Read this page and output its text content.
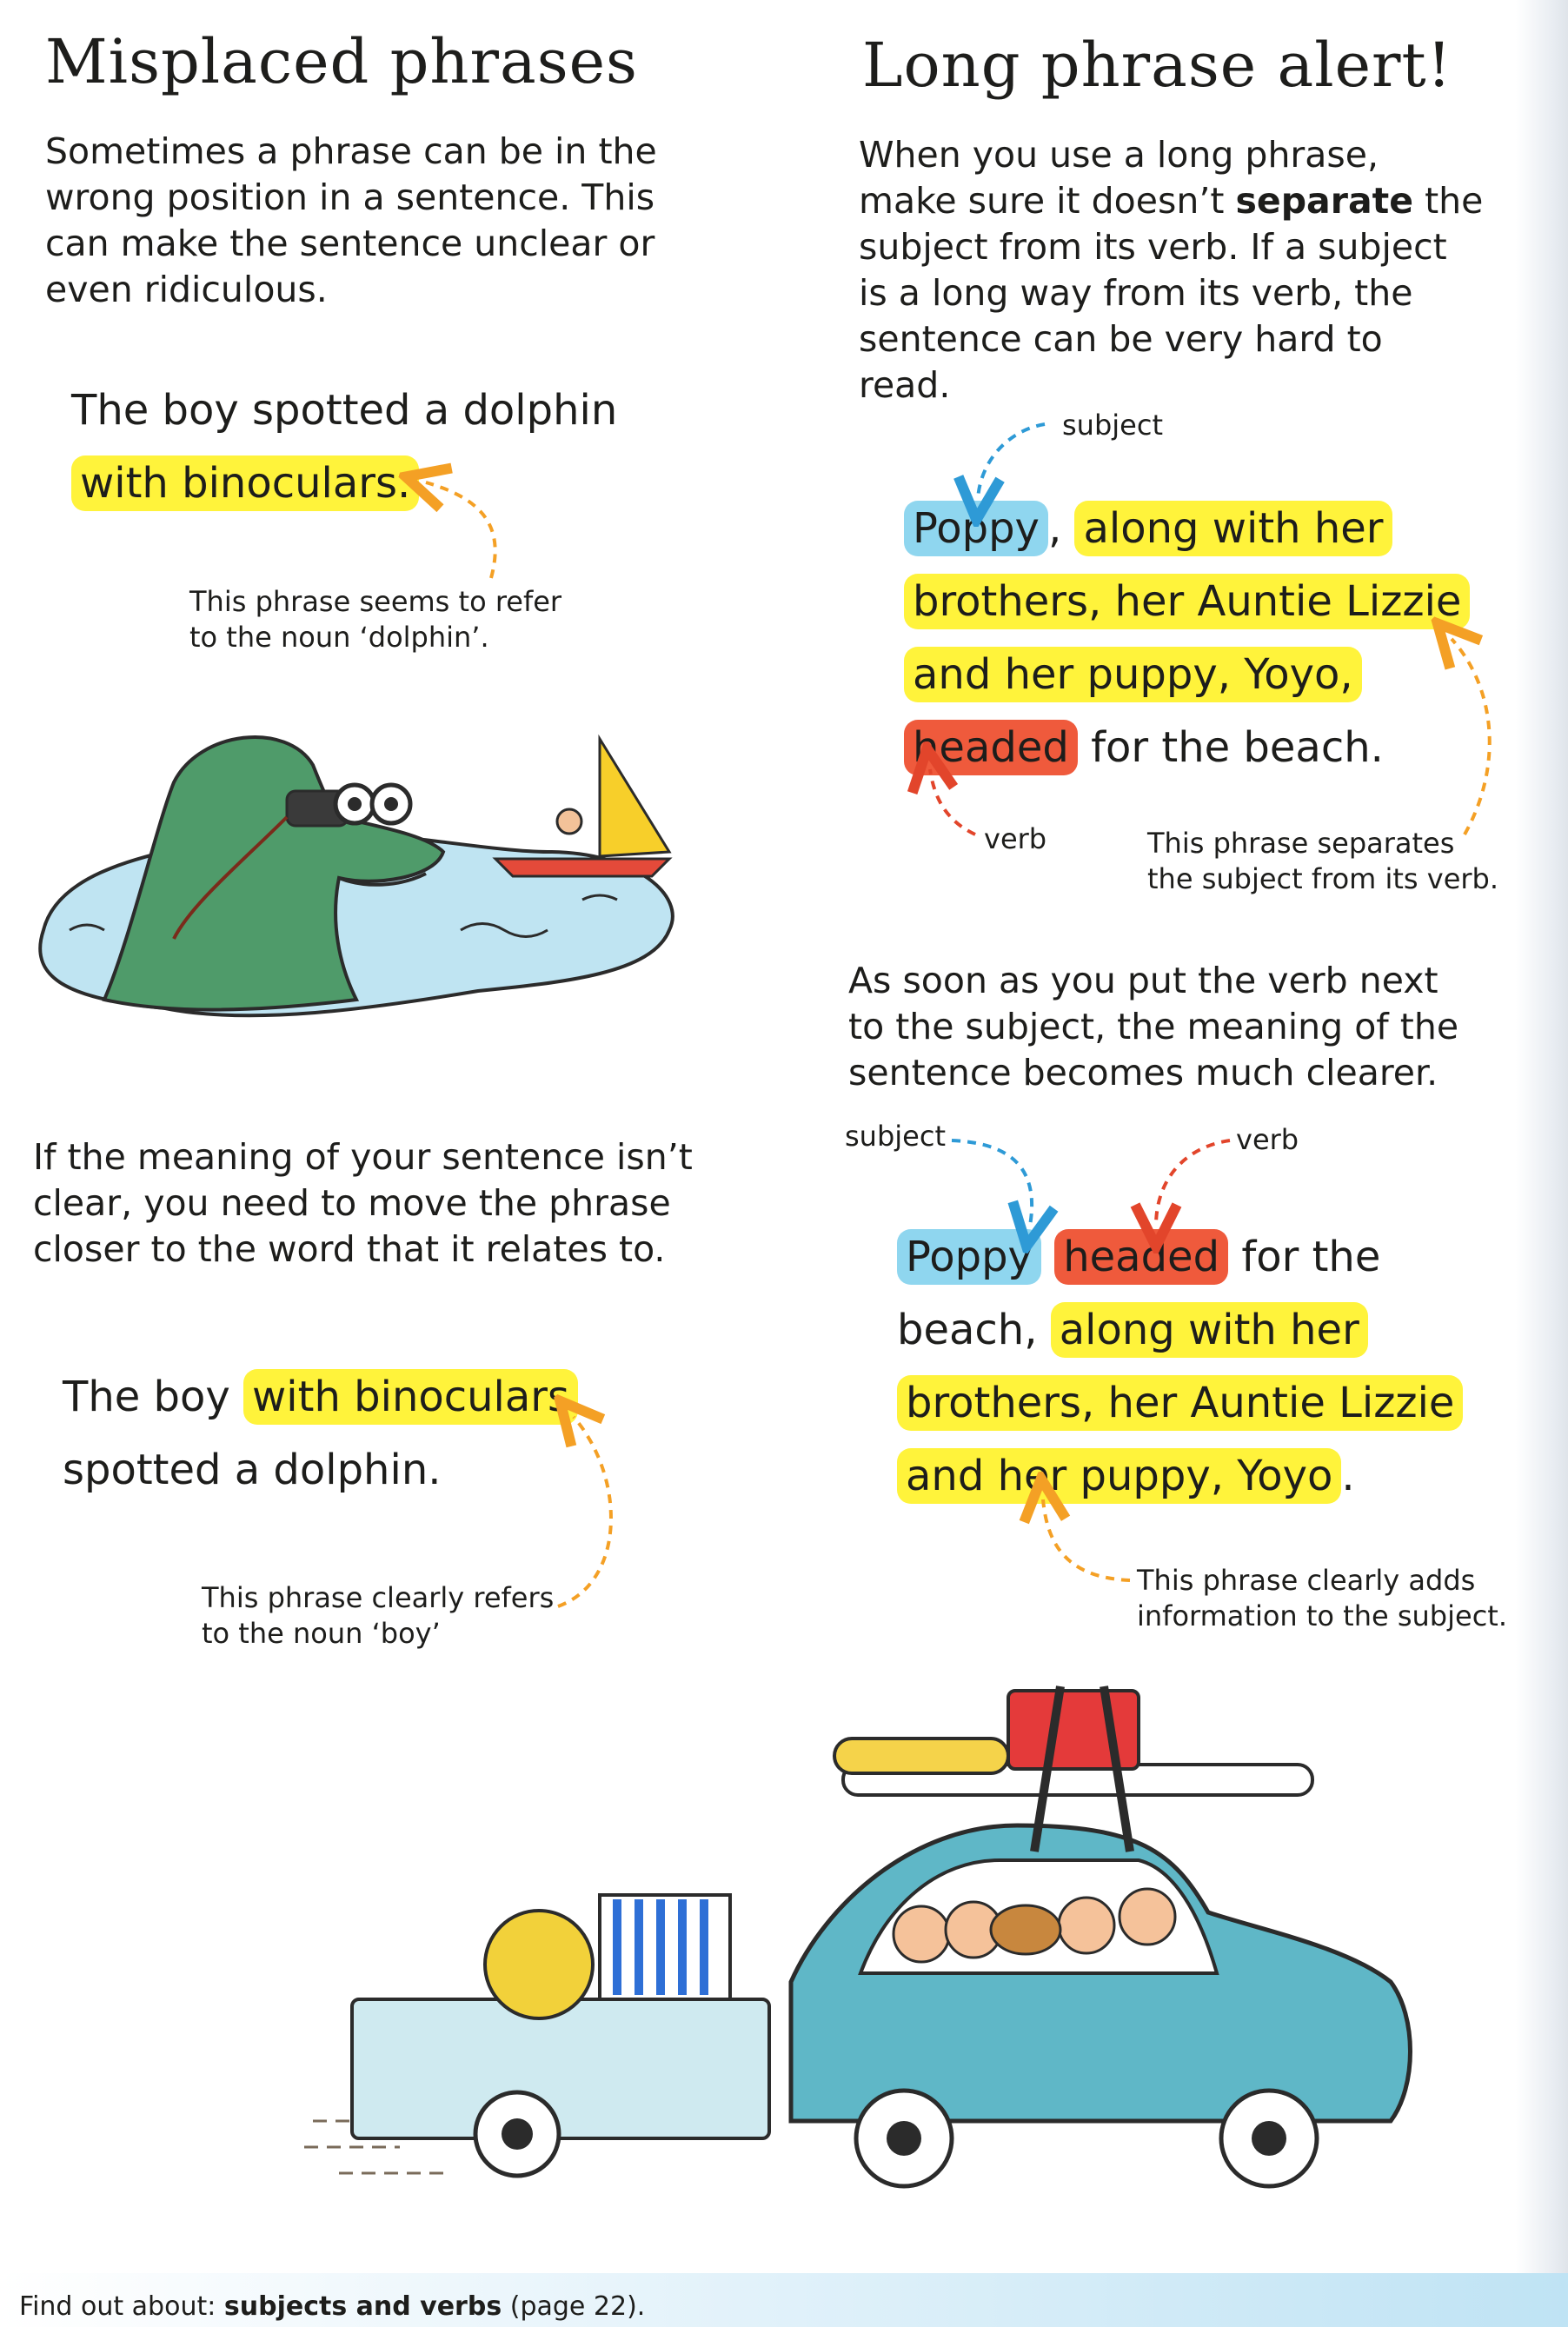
Misplaced phrases
Sometimes a phrase can be in the wrong position in a sentence. This can make the sentence unclear or even ridiculous.
The boy spotted a dolphin
with binoculars.
This phrase seems to refer
to the noun ‘dolphin’.
If the meaning of your sentence isn’t clear, you need to move the phrase closer to the word that it relates to.
The boy with binoculars
spotted a dolphin.
This phrase clearly refers
to the noun ‘boy’
Long phrase alert!
When you use a long phrase, make sure it doesn’t separate the subject from its verb. If a subject is a long way from its verb, the sentence can be very hard to read.
subject
Poppy , along with her
brothers, her Auntie Lizzie
and her puppy, Yoyo,
headed for the beach.
verb	This phrase separates
the subject from its verb.
As soon as you put the verb next to the subject, the meaning of the sentence becomes much clearer.
subject	verb
Poppy headed for the
beach, along with her
brothers, her Auntie Lizzie
and her puppy, Yoyo .
This phrase clearly adds
information to the subject.
Find out about: subjects and verbs (page 22).
